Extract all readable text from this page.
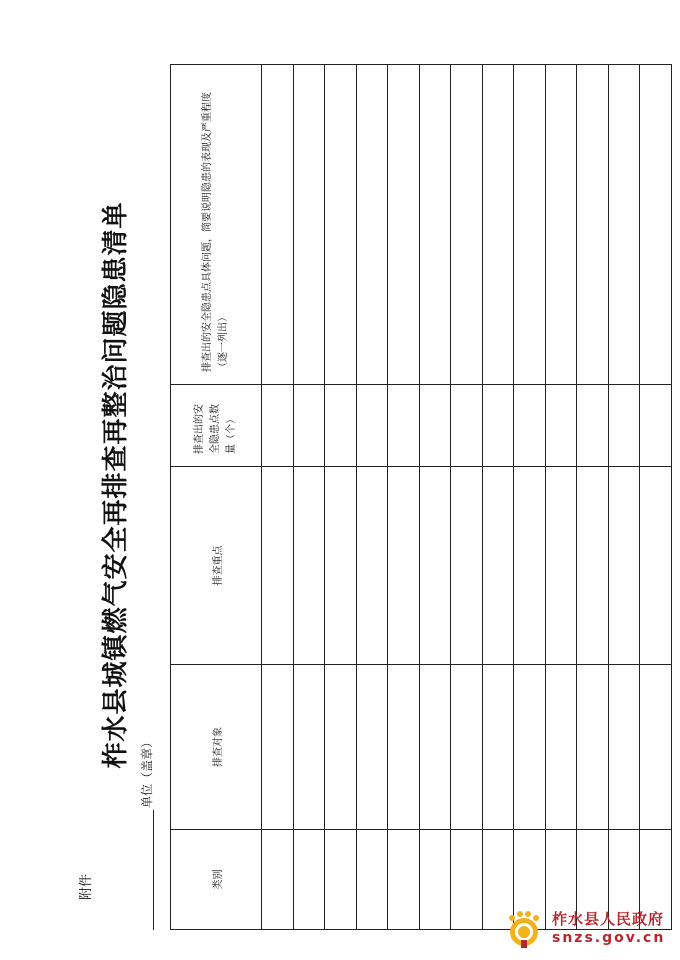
附件
柞水县城镇燃气安全再排查再整治问题隐患清单
单位（盖章）
类别	排查对象	排查重点	排查出的安全隐患点数量（个）	排查出的安全隐患点具体问题，简要说明隐患的表现及严重程度（逐一列出）

柞水县人民政府
snzs.gov.cn
